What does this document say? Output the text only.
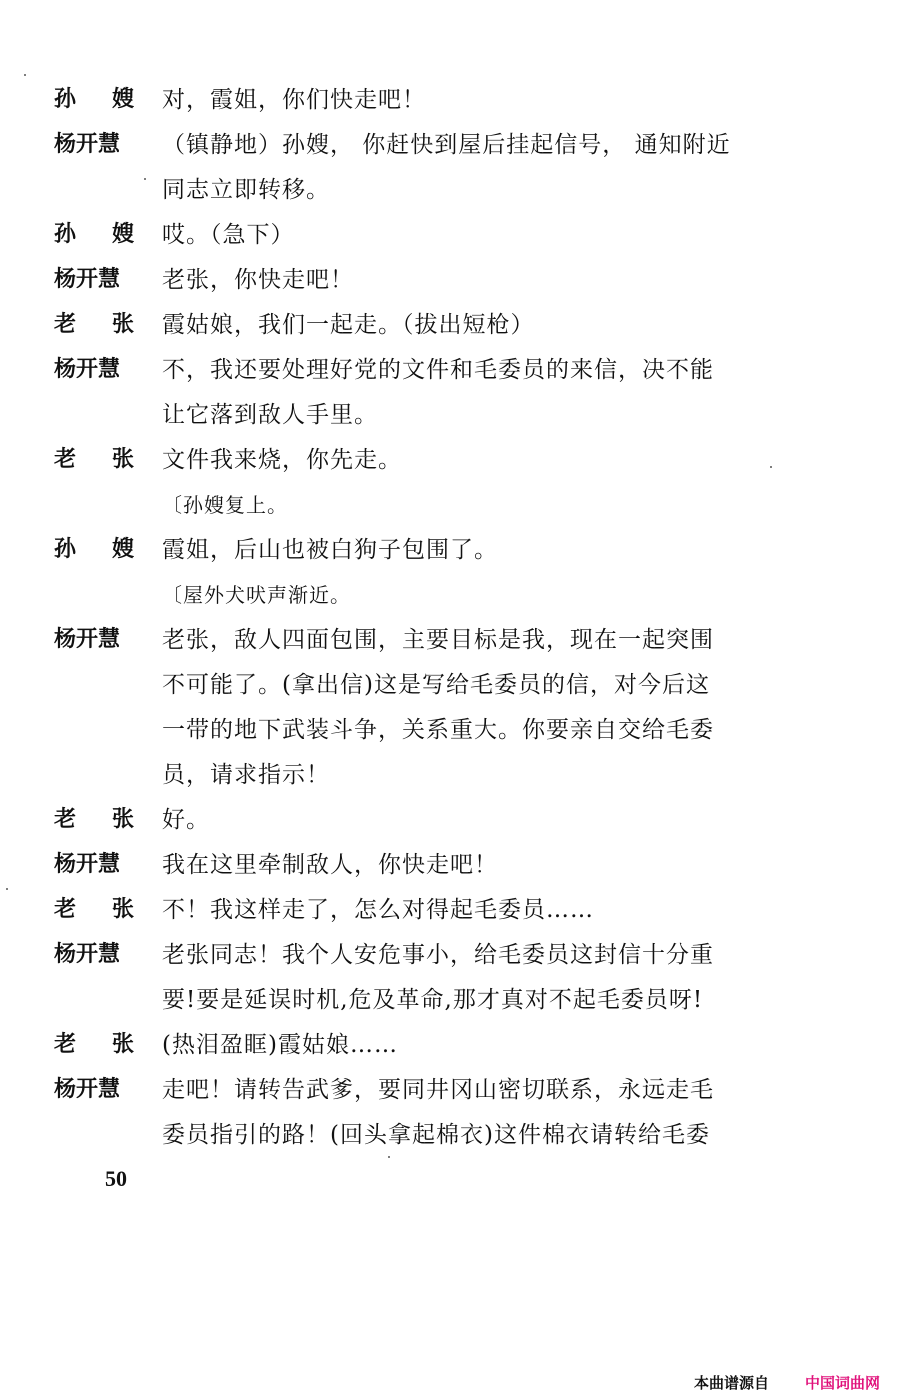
孙 嫂 对，霞姐，你们快走吧！
杨开慧 （镇静地）孙嫂， 你赶快到屋后挂起信号， 通知附近
同志立即转移。
孙 嫂 哎。（急下）
杨开慧 老张，你快走吧！
老 张 霞姑娘，我们一起走。（拔出短枪）
杨开慧 不，我还要处理好党的文件和毛委员的来信，决不能
让它落到敌人手里。
老 张 文件我来烧，你先走。
〔孙嫂复上。
孙 嫂 霞姐，后山也被白狗子包围了。
〔屋外犬吠声渐近。
杨开慧 老张，敌人四面包围，主要目标是我，现在一起突围
不可能了。(拿出信)这是写给毛委员的信，对今后这
一带的地下武装斗争，关系重大。你要亲自交给毛委
员，请求指示！
老 张 好。
杨开慧 我在这里牵制敌人，你快走吧！
老 张 不！我这样走了，怎么对得起毛委员……
杨开慧 老张同志！我个人安危事小，给毛委员这封信十分重
要!要是延误时机,危及革命,那才真对不起毛委员呀!
老 张 (热泪盈眶)霞姑娘……
杨开慧 走吧！请转告武爹，要同井冈山密切联系，永远走毛
委员指引的路！(回头拿起棉衣)这件棉衣请转给毛委
50
本曲谱源自 中国词曲网
